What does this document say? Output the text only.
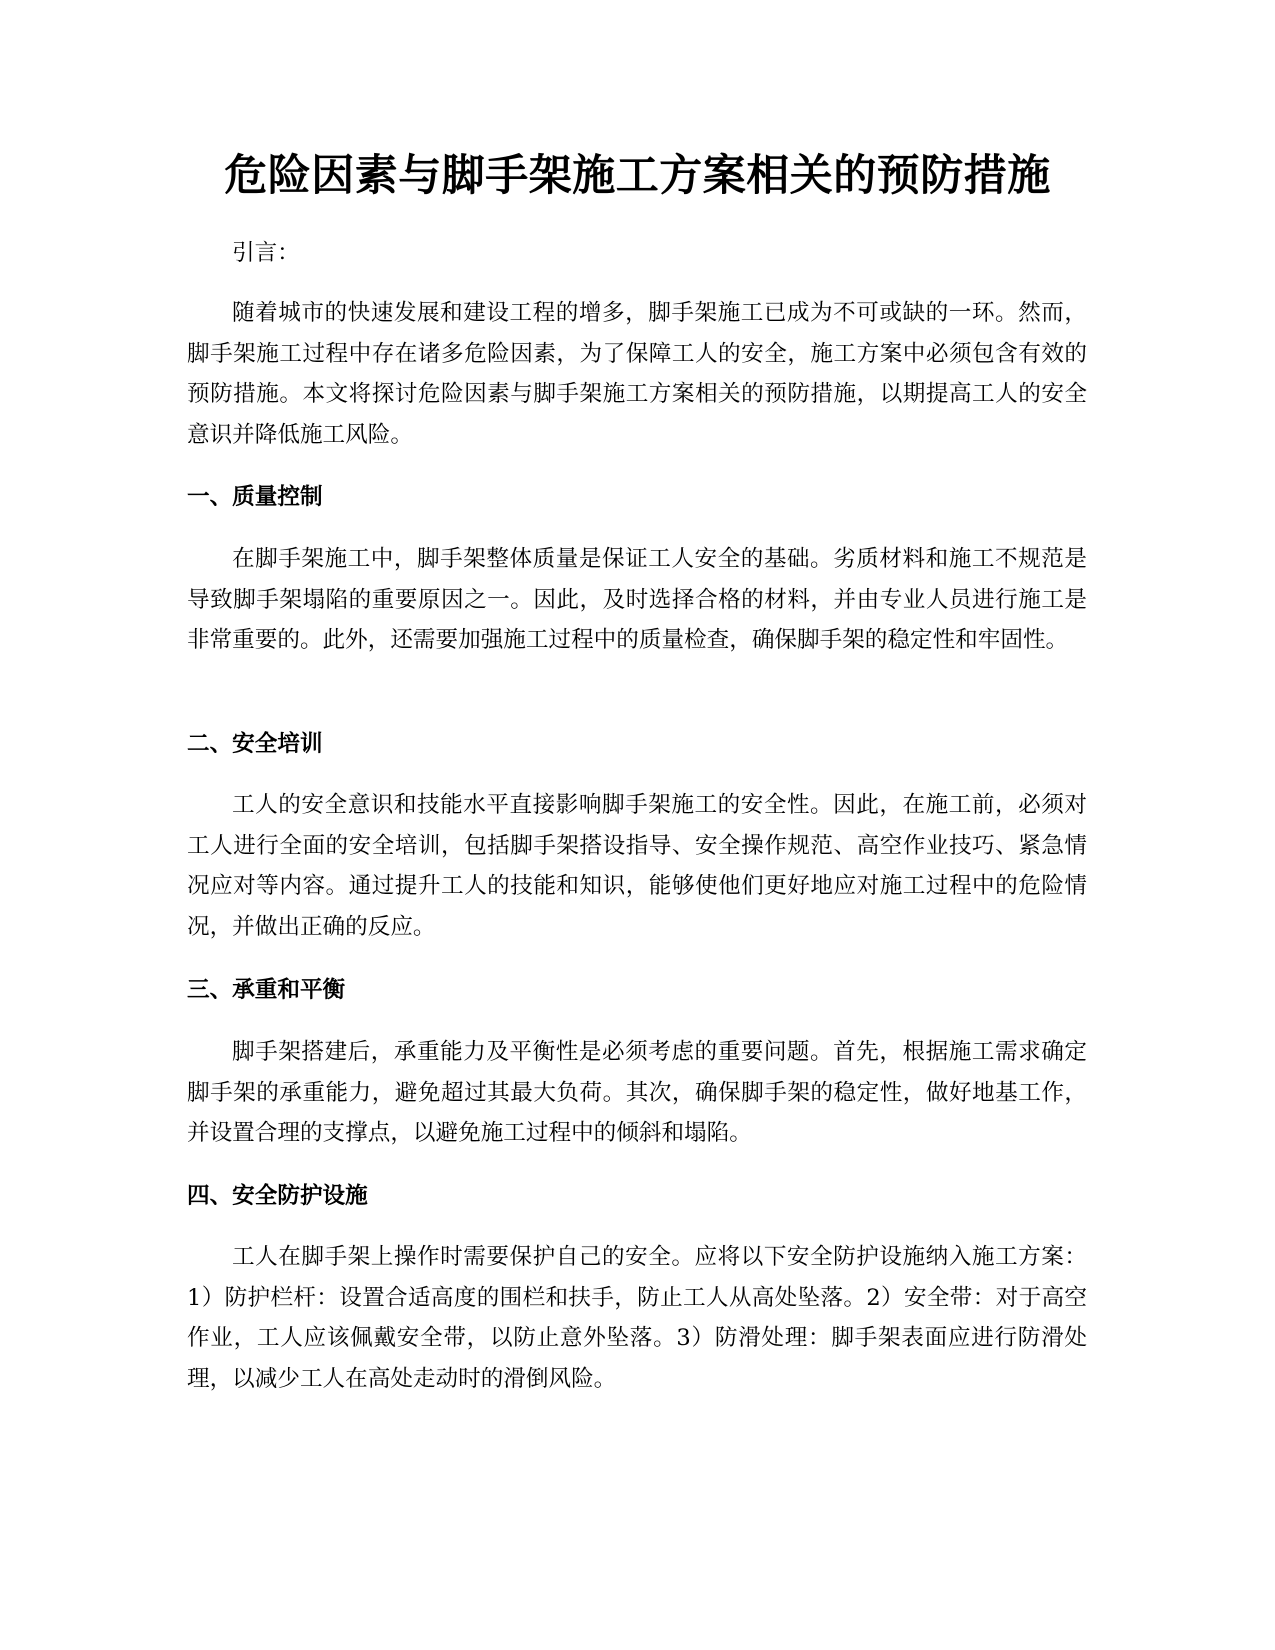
危险因素与脚手架施工方案相关的预防措施

引言：

随着城市的快速发展和建设工程的增多，脚手架施工已成为不可或缺的一环。然而，脚手架施工过程中存在诸多危险因素，为了保障工人的安全，施工方案中必须包含有效的预防措施。本文将探讨危险因素与脚手架施工方案相关的预防措施，以期提高工人的安全意识并降低施工风险。

一、质量控制

在脚手架施工中，脚手架整体质量是保证工人安全的基础。劣质材料和施工不规范是导致脚手架塌陷的重要原因之一。因此，及时选择合格的材料，并由专业人员进行施工是非常重要的。此外，还需要加强施工过程中的质量检查，确保脚手架的稳定性和牢固性。

二、安全培训

工人的安全意识和技能水平直接影响脚手架施工的安全性。因此，在施工前，必须对工人进行全面的安全培训，包括脚手架搭设指导、安全操作规范、高空作业技巧、紧急情况应对等内容。通过提升工人的技能和知识，能够使他们更好地应对施工过程中的危险情况，并做出正确的反应。

三、承重和平衡

脚手架搭建后，承重能力及平衡性是必须考虑的重要问题。首先，根据施工需求确定脚手架的承重能力，避免超过其最大负荷。其次，确保脚手架的稳定性，做好地基工作，并设置合理的支撑点，以避免施工过程中的倾斜和塌陷。

四、安全防护设施

工人在脚手架上操作时需要保护自己的安全。应将以下安全防护设施纳入施工方案：1）防护栏杆：设置合适高度的围栏和扶手，防止工人从高处坠落。2）安全带：对于高空作业，工人应该佩戴安全带，以防止意外坠落。3）防滑处理：脚手架表面应进行防滑处理，以减少工人在高处走动时的滑倒风险。
